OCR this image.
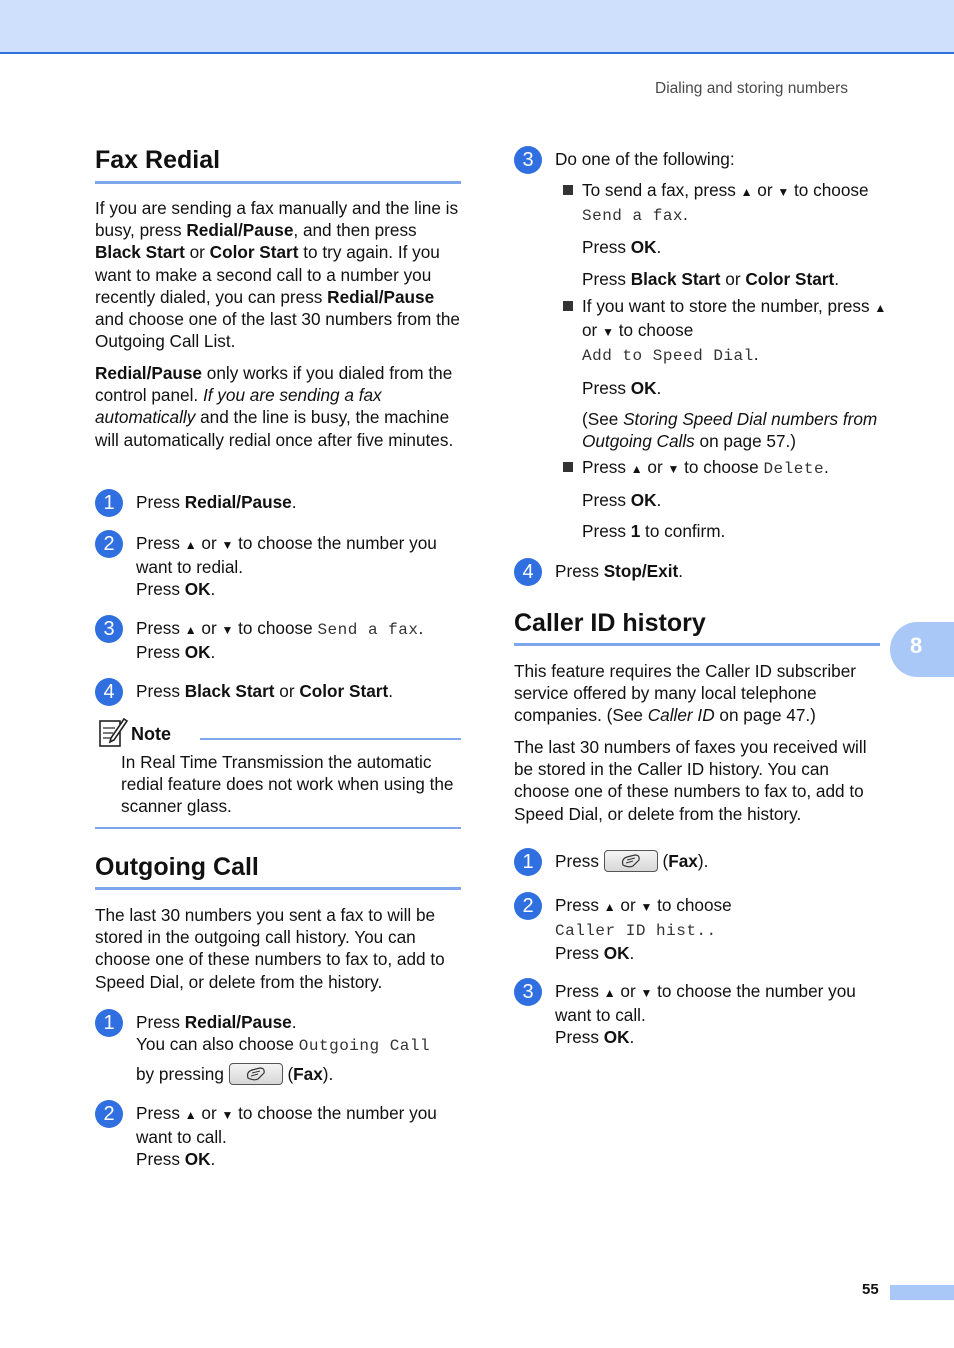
Dialing and storing numbers
Fax Redial
If you are sending a fax manually and the line is busy, press Redial/Pause, and then press Black Start or Color Start to try again. If you want to make a second call to a number you recently dialed, you can press Redial/Pause and choose one of the last 30 numbers from the Outgoing Call List.
Redial/Pause only works if you dialed from the control panel. If you are sending a fax automatically and the line is busy, the machine will automatically redial once after five minutes.
1	Press Redial/Pause.
2	Press ▲ or ▼ to choose the number you want to redial.
Press OK.
3	Press ▲ or ▼ to choose Send a fax.
Press OK.
4	Press Black Start or Color Start.
Note
In Real Time Transmission the automatic redial feature does not work when using the scanner glass.
Outgoing Call
The last 30 numbers you sent a fax to will be stored in the outgoing call history. You can choose one of these numbers to fax to, add to Speed Dial, or delete from the history.
1	Press Redial/Pause.
You can also choose Outgoing Call
by pressing	(Fax).
2	Press ▲ or ▼ to choose the number you want to call.
Press OK.
3	Do one of the following:
To send a fax, press ▲ or ▼ to choose
Send a fax.
Press OK.
Press Black Start or Color Start.
If you want to store the number, press ▲ or ▼ to choose
Add to Speed Dial.
Press OK.
(See Storing Speed Dial numbers from Outgoing Calls on page 57.)
Press ▲ or ▼ to choose Delete.
Press OK.
Press 1 to confirm.
4	Press Stop/Exit.
Caller ID history
This feature requires the Caller ID subscriber service offered by many local telephone companies. (See Caller ID on page 47.)
The last 30 numbers of faxes you received will be stored in the Caller ID history. You can choose one of these numbers to fax to, add to Speed Dial, or delete from the history.
1	Press	(Fax).
2	Press ▲ or ▼ to choose
Caller ID hist..
Press OK.
3	Press ▲ or ▼ to choose the number you want to call.
Press OK.
8
55
